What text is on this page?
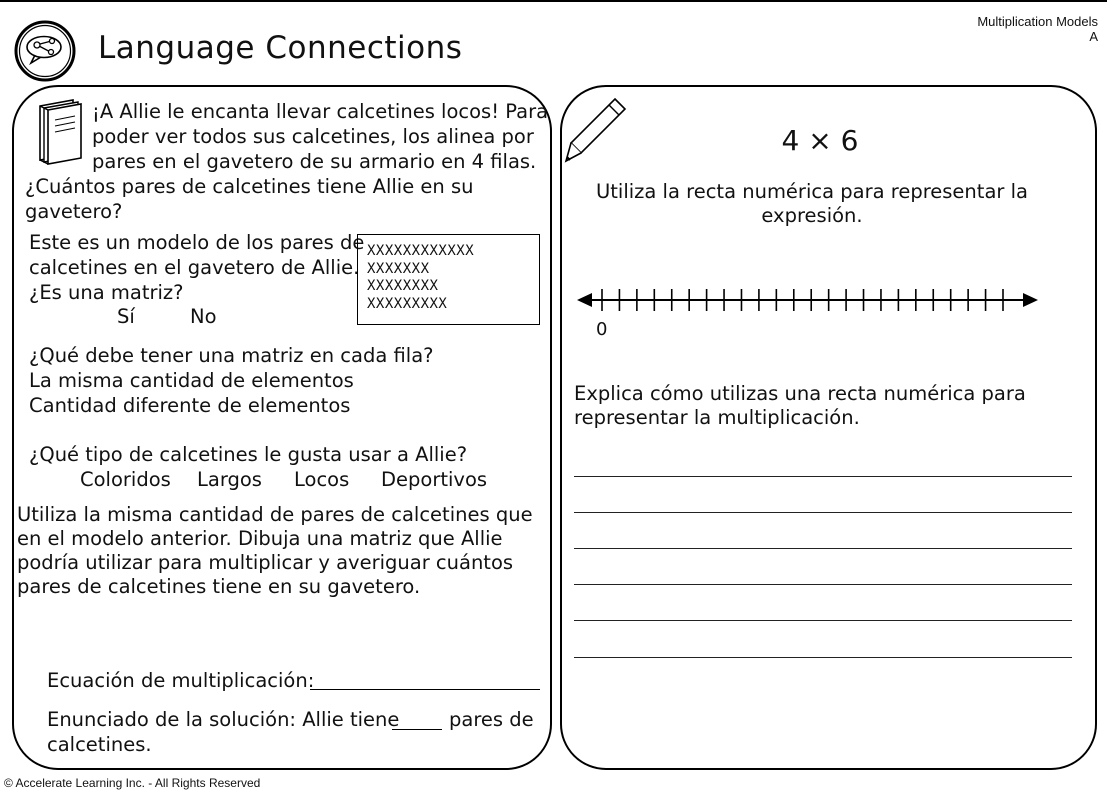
Language Connections
Multiplication Models
A
¡A Allie le encanta llevar calcetines locos! Para
poder ver todos sus calcetines, los alinea por
pares en el gavetero de su armario en 4 filas.
¿Cuántos pares de calcetines tiene Allie en su
gavetero?
Este es un modelo de los pares de
calcetines en el gavetero de Allie.
¿Es una matriz?
Sí	No
XXXXXXXXXXXX
XXXXXXX
XXXXXXXX
XXXXXXXXX
¿Qué debe tener una matriz en cada fila?
La misma cantidad de elementos
Cantidad diferente de elementos
¿Qué tipo de calcetines le gusta usar a Allie?
Coloridos Largos Locos Deportivos
Utiliza la misma cantidad de pares de calcetines que
en el modelo anterior. Dibuja una matriz que Allie
podría utilizar para multiplicar y averiguar cuántos
pares de calcetines tiene en su gavetero.
Ecuación de multiplicación:
Enunciado de la solución: Allie tiene	pares de
calcetines.
4 × 6
Utiliza la recta numérica para representar la
expresión.
0
Explica cómo utilizas una recta numérica para
representar la multiplicación.
© Accelerate Learning Inc. - All Rights Reserved
